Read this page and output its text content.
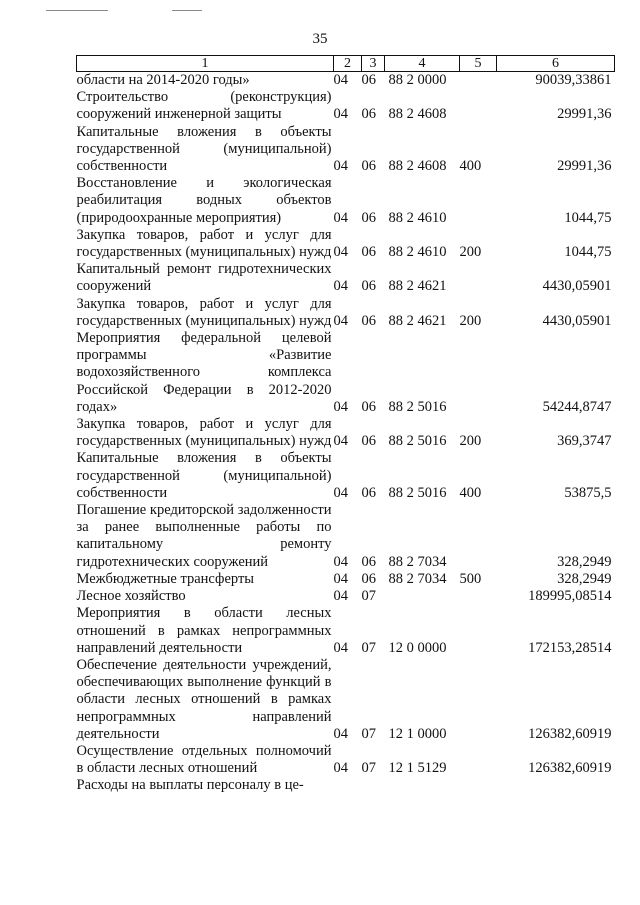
35
1	2	3	4	5	6
области на 2014-2020 годы»	04	06	88 2 0000		90039,33861
Строительство (реконструкция) сооружений инженерной защиты	04	06	88 2 4608		29991,36
Капитальные вложения в объекты государственной (муниципальной) собственности	04	06	88 2 4608	400	29991,36
Восстановление и экологическая реабилитация водных объектов (природоохранные мероприятия)	04	06	88 2 4610		1044,75
Закупка товаров, работ и услуг для государственных (муниципальных) нужд	04	06	88 2 4610	200	1044,75
Капитальный ремонт гидротехнических сооружений	04	06	88 2 4621		4430,05901
Закупка товаров, работ и услуг для государственных (муниципальных) нужд	04	06	88 2 4621	200	4430,05901
Мероприятия федеральной целевой программы «Развитие водохозяйственного комплекса Российской Федерации в 2012-2020 годах»	04	06	88 2 5016		54244,8747
Закупка товаров, работ и услуг для государственных (муниципальных) нужд	04	06	88 2 5016	200	369,3747
Капитальные вложения в объекты государственной (муниципальной) собственности	04	06	88 2 5016	400	53875,5
Погашение кредиторской задолженности за ранее выполненные работы по капитальному ремонту гидротехнических сооружений	04	06	88 2 7034		328,2949
Межбюджетные трансферты	04	06	88 2 7034	500	328,2949
Лесное хозяйство	04	07			189995,08514
Мероприятия в области лесных отношений в рамках непрограммных направлений деятельности	04	07	12 0 0000		172153,28514
Обеспечение деятельности учреждений, обеспечивающих выполнение функций в области лесных отношений в рамках непрограммных направлений деятельности	04	07	12 1 0000		126382,60919
Осуществление отдельных полномочий в области лесных отношений	04	07	12 1 5129		126382,60919
Расходы на выплаты персоналу в це-					
